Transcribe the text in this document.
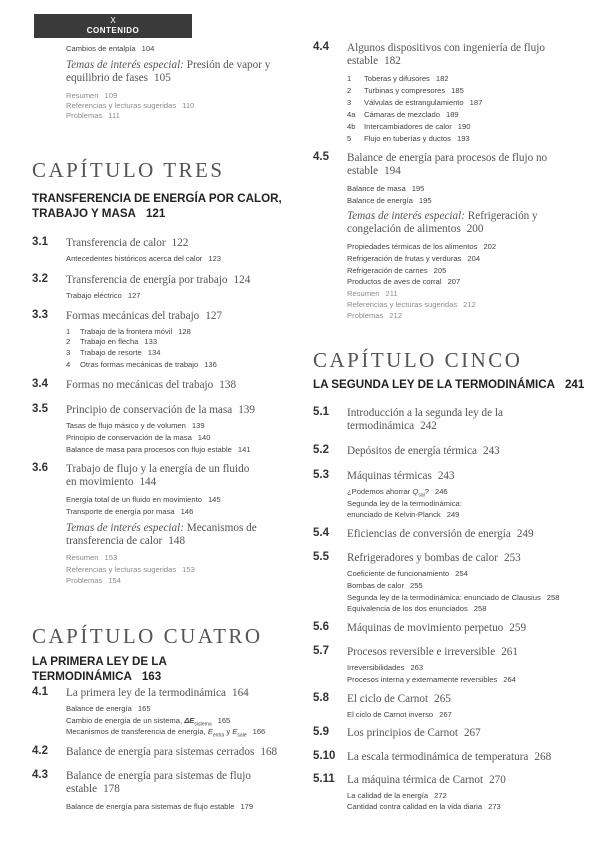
X
CONTENIDO
Cambios de entalpía 104
Temas de interés especial: Presión de vapor y equilibrio de fases 105
Resumen 109
Referencias y lecturas sugeridas 110
Problemas 111
CAPÍTULO TRES
TRANSFERENCIA DE ENERGÍA POR CALOR,
TRABAJO Y MASA 121
3.1 Transferencia de calor 122
Antecedentes históricos acerca del calor 123
3.2 Transferencia de energía por trabajo 124
Trabajo eléctrico 127
3.3 Formas mecánicas del trabajo 127
1 Trabajo de la frontera móvil 128
2 Trabajo en flecha 133
3 Trabajo de resorte 134
4 Otras formas mecánicas de trabajo 136
3.4 Formas no mecánicas del trabajo 138
3.5 Principio de conservación de la masa 139
Tasas de flujo másico y de volumen 139
Principio de conservación de la masa 140
Balance de masa para procesos con flujo estable 141
3.6 Trabajo de flujo y la energía de un fluido
en movimiento 144
Energía total de un fluido en movimiento 145
Transporte de energía por masa 146
Temas de interés especial: Mecanismos de
transferencia de calor 148
Resumen 153
Referencias y lecturas sugeridas 153
Problemas 154
CAPÍTULO CUATRO
LA PRIMERA LEY DE LA TERMODINÁMICA 163
4.1 La primera ley de la termodinámica 164
Balance de energía 165
Cambio de energía de un sistema, $\Delta E_{sistema}$ 165
Mecanismos de transferencia de energía, $E_{entra}$ y $E_{sale}$ 166
4.2 Balance de energía para sistemas cerrados 168
4.3 Balance de energía para sistemas de flujo
estable 178
Balance de energía para sistemas de flujo estable 179
4.4 Algunos dispositivos con ingeniería de flujo
estable 182
1 Toberas y difusores 182
2 Turbinas y compresores 185
3 Válvulas de estrangulamiento 187
4a Cámaras de mezclado 189
4b Intercambiadores de calor 190
5 Flujo en tuberías y ductos 193
4.5 Balance de energía para procesos de flujo no
estable 194
Balance de masa 195
Balance de energía 195
Temas de interés especial: Refrigeración y
congelación de alimentos 200
Propiedades térmicas de los alimentos 202
Refrigeración de frutas y verduras 204
Refrigeración de carnes 205
Productos de aves de corral 207
Resumen 211
Referencias y lecturas sugeridas 212
Problemas 212
CAPÍTULO CINCO
LA SEGUNDA LEY DE LA TERMODINÁMICA 241
5.1 Introducción a la segunda ley de la
termodinámica 242
5.2 Depósitos de energía térmica 243
5.3 Máquinas térmicas 243
¿Podemos ahorrar $Q_{sal}$? 246
Segunda ley de la termodinámica:
enunciado de Kelvin-Planck 249
5.4 Eficiencias de conversión de energía 249
5.5 Refrigeradores y bombas de calor 253
Coeficiente de funcionamiento 254
Bombas de calor 255
Segunda ley de la termodinámica: enunciado de Clausius 258
Equivalencia de los dos enunciados 258
5.6 Máquinas de movimiento perpetuo 259
5.7 Procesos reversible e irreversible 261
Irreversibilidades 263
Procesos interna y externamente reversibles 264
5.8 El ciclo de Carnot 265
El ciclo de Carnot inverso 267
5.9 Los principios de Carnot 267
5.10 La escala termodinámica de temperatura 268
5.11 La máquina térmica de Carnot 270
La calidad de la energía 272
Cantidad contra calidad en la vida diaria 273
